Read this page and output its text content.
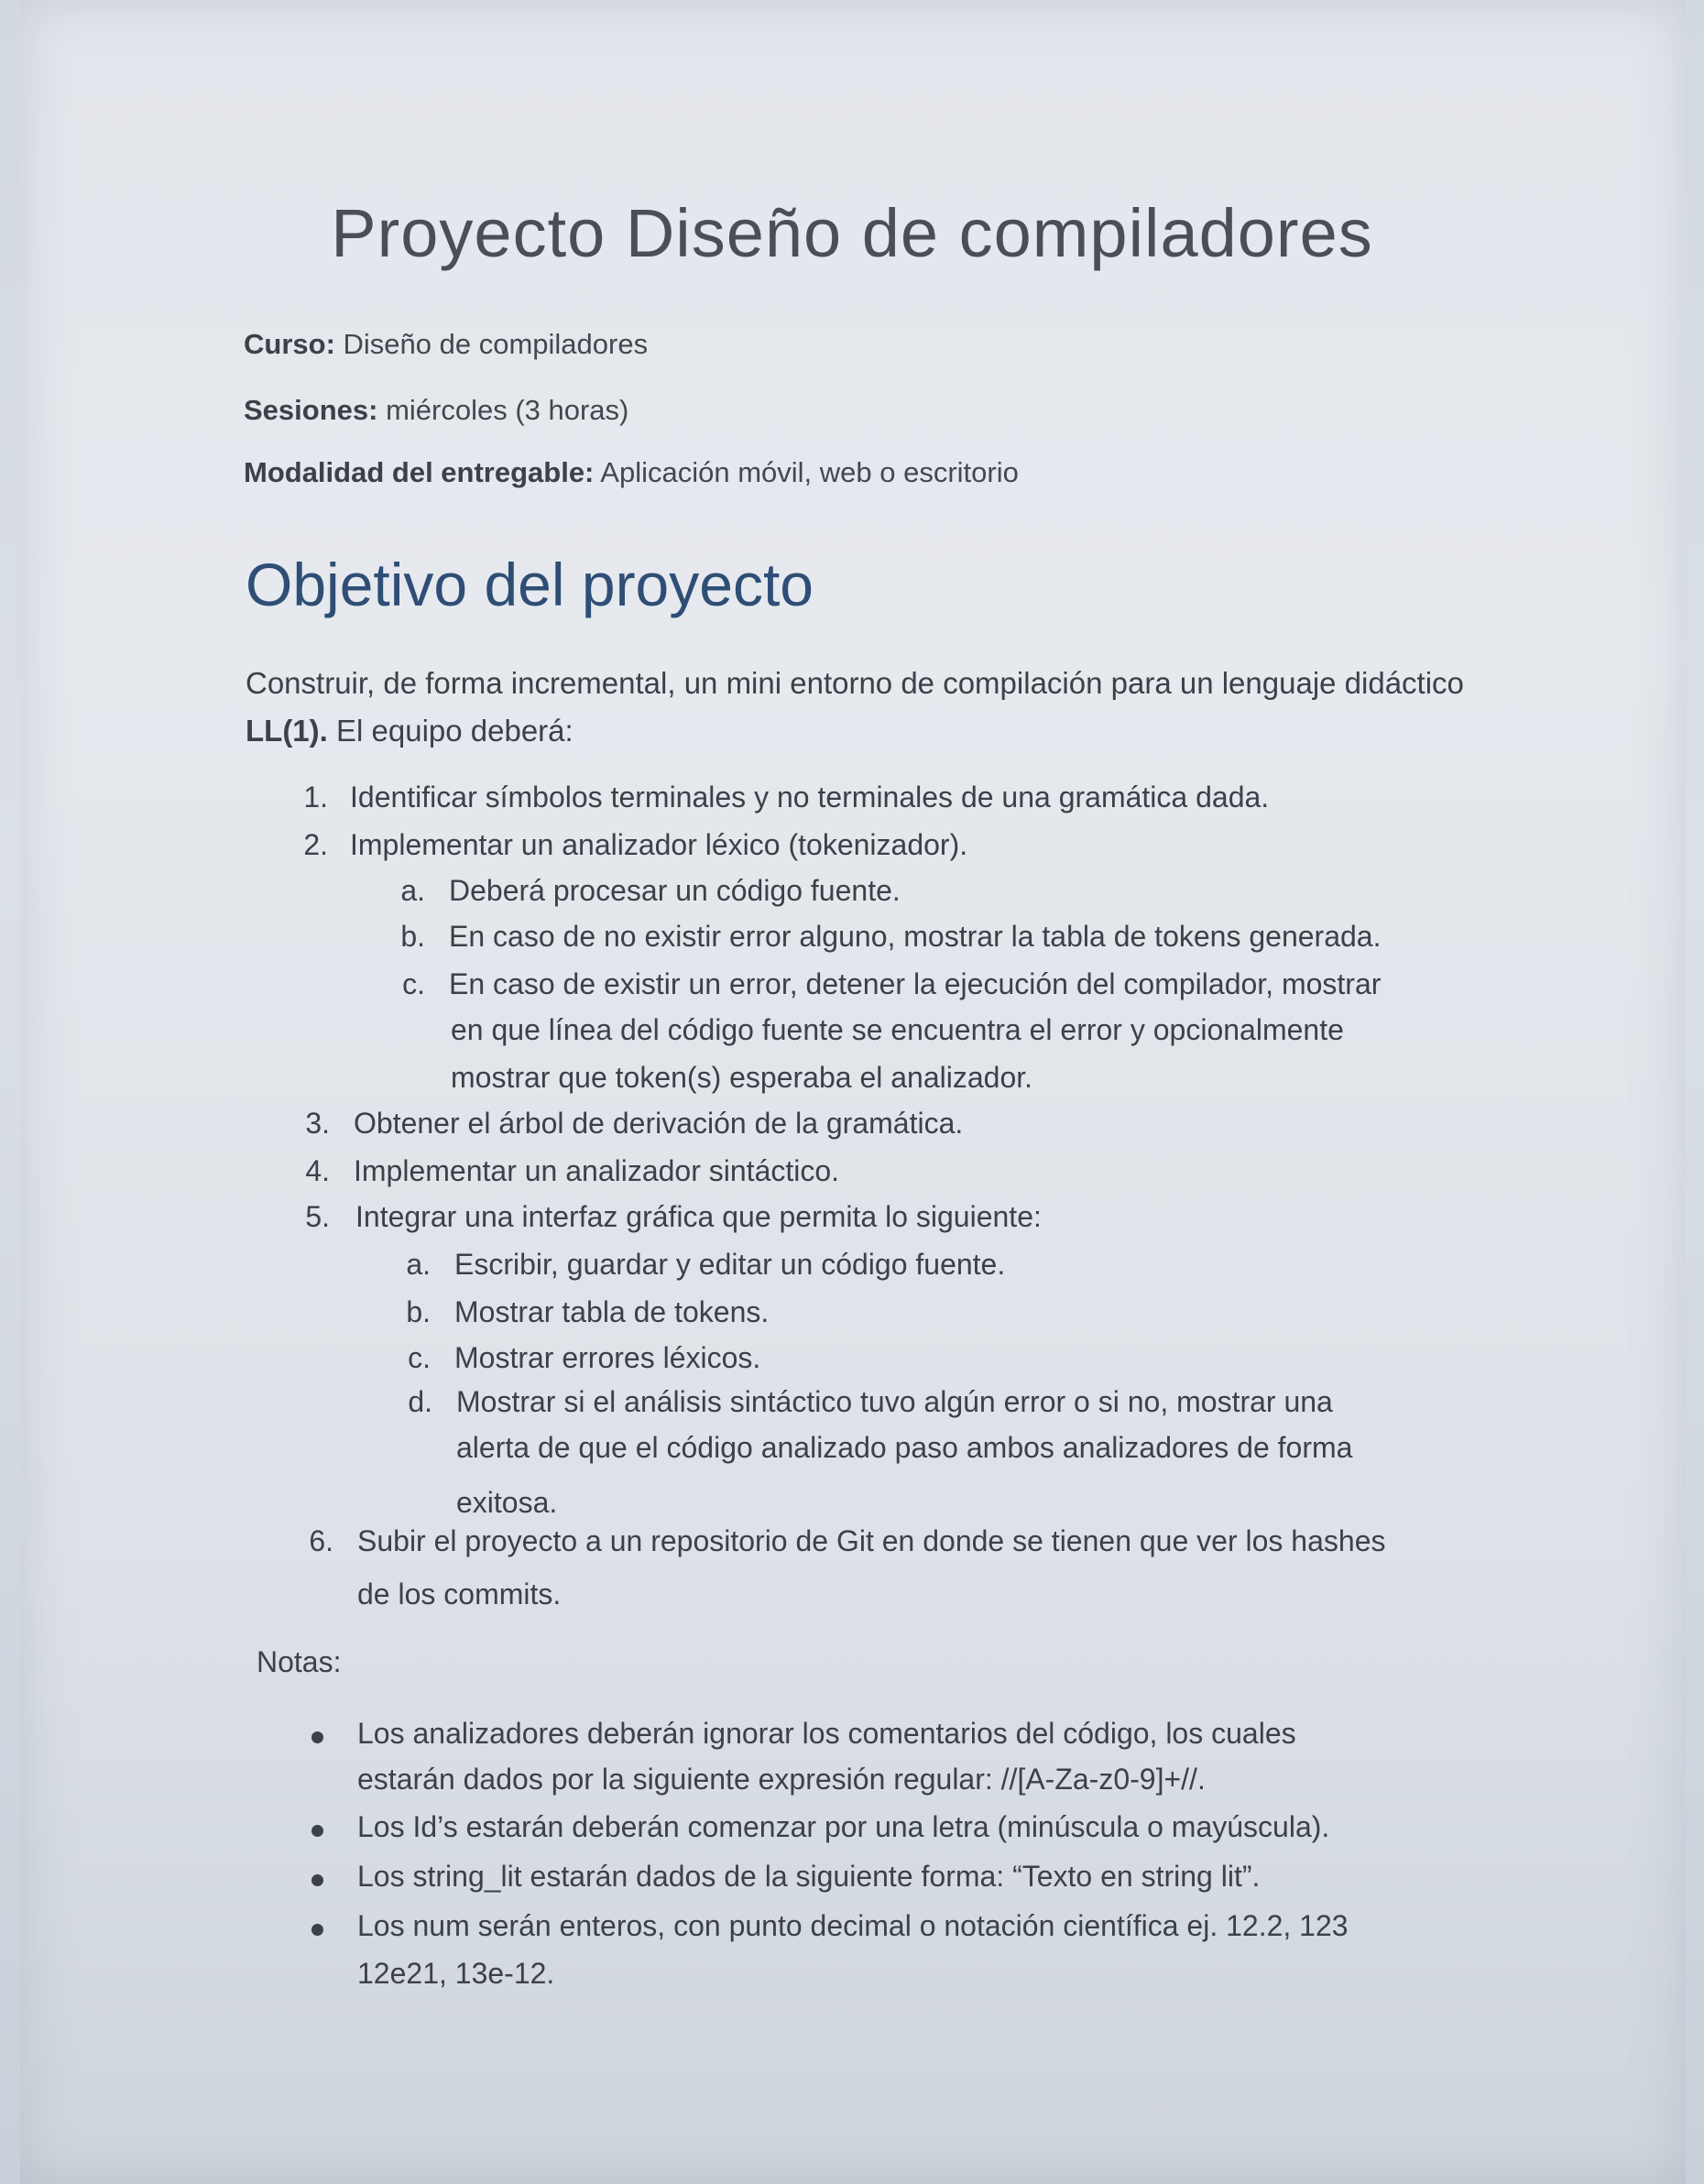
Proyecto Diseño de compiladores
Curso: Diseño de compiladores
Sesiones: miércoles (3 horas)
Modalidad del entregable: Aplicación móvil, web o escritorio
Objetivo del proyecto
Construir, de forma incremental, un mini entorno de compilación para un lenguaje didáctico LL(1). El equipo deberá:
1. Identificar símbolos terminales y no terminales de una gramática dada.
2. Implementar un analizador léxico (tokenizador).
a. Deberá procesar un código fuente.
b. En caso de no existir error alguno, mostrar la tabla de tokens generada.
c. En caso de existir un error, detener la ejecución del compilador, mostrar
en que línea del código fuente se encuentra el error y opcionalmente
mostrar que token(s) esperaba el analizador.
3. Obtener el árbol de derivación de la gramática.
4. Implementar un analizador sintáctico.
5. Integrar una interfaz gráfica que permita lo siguiente:
a. Escribir, guardar y editar un código fuente.
b. Mostrar tabla de tokens.
c. Mostrar errores léxicos.
d. Mostrar si el análisis sintáctico tuvo algún error o si no, mostrar una
alerta de que el código analizado paso ambos analizadores de forma
exitosa.
6. Subir el proyecto a un repositorio de Git en donde se tienen que ver los hashes
de los commits.
Notas:
Los analizadores deberán ignorar los comentarios del código, los cuales
estarán dados por la siguiente expresión regular: //[A-Za-z0-9]+//.
Los Id’s estarán deberán comenzar por una letra (minúscula o mayúscula).
Los string_lit estarán dados de la siguiente forma: “Texto en string lit”.
Los num serán enteros, con punto decimal o notación científica ej. 12.2, 123
12e21, 13e-12.
